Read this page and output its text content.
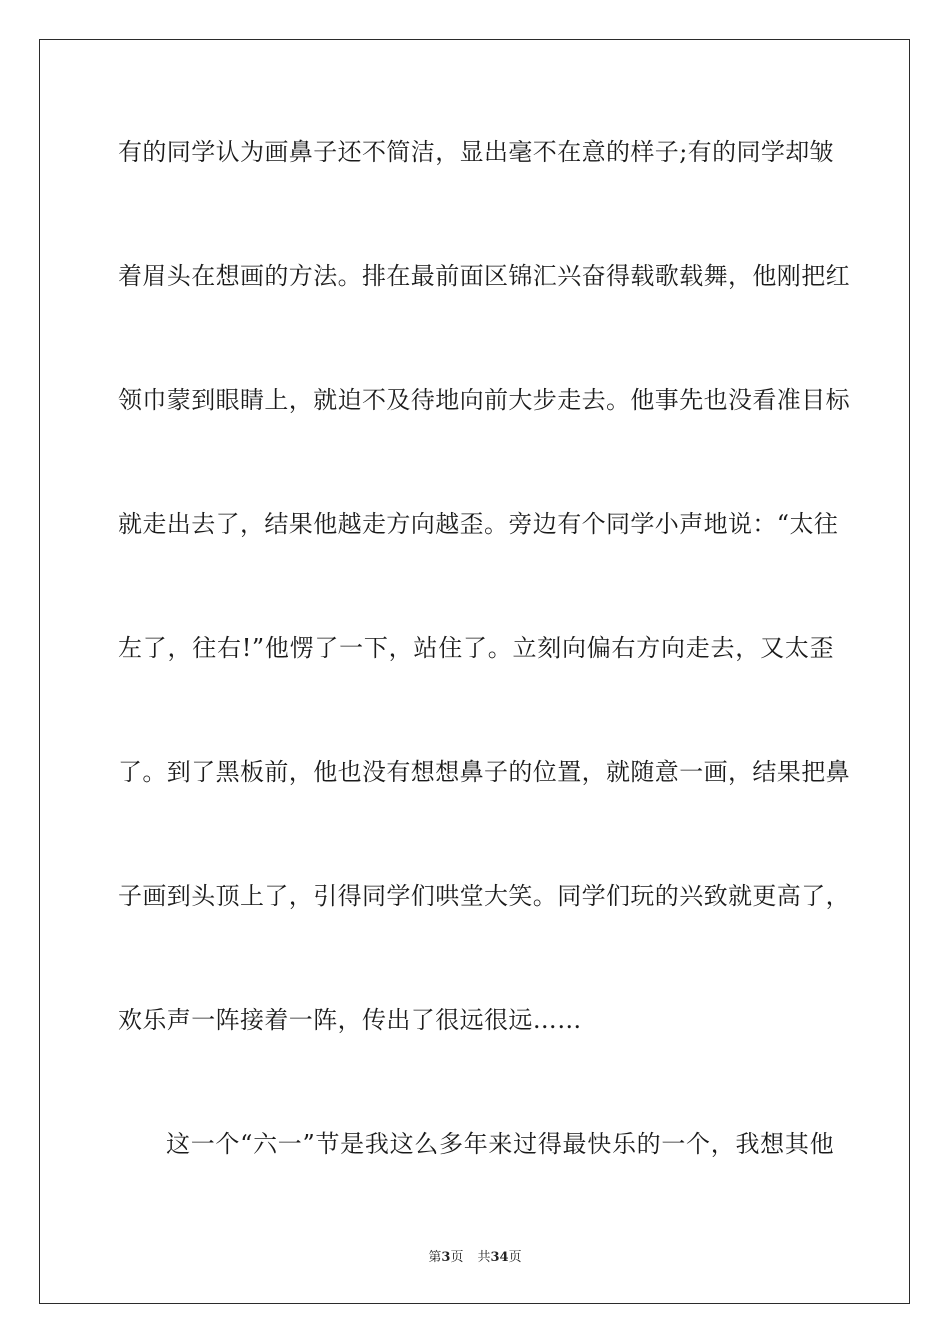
有的同学认为画鼻子还不简洁，显出毫不在意的样子;有的同学却皱
着眉头在想画的方法。排在最前面区锦汇兴奋得载歌载舞，他刚把红
领巾蒙到眼睛上，就迫不及待地向前大步走去。他事先也没看准目标
就走出去了，结果他越走方向越歪。旁边有个同学小声地说：“太往
左了，往右!”他愣了一下，站住了。立刻向偏右方向走去，又太歪
了。到了黑板前，他也没有想想鼻子的位置，就随意一画，结果把鼻
子画到头顶上了，引得同学们哄堂大笑。同学们玩的兴致就更高了，
欢乐声一阵接着一阵，传出了很远很远……
这一个“六一”节是我这么多年来过得最快乐的一个，我想其他
第3页 共34页
